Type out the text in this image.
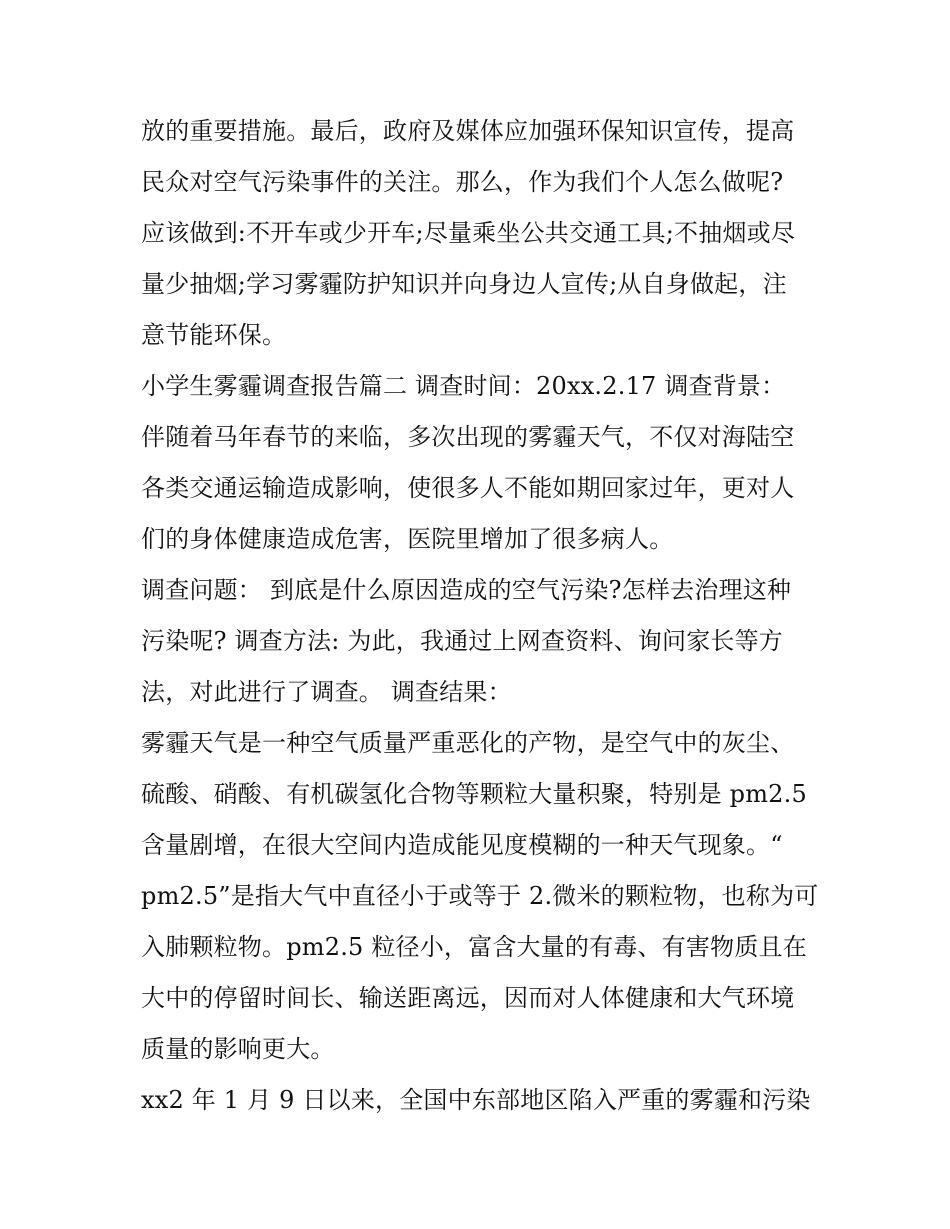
放的重要措施。最后，政府及媒体应加强环保知识宣传，提高
民众对空气污染事件的关注。那么，作为我们个人怎么做呢?
应该做到:不开车或少开车;尽量乘坐公共交通工具;不抽烟或尽
量少抽烟;学习雾霾防护知识并向身边人宣传;从自身做起，注
意节能环保。
小学生雾霾调查报告篇二 调查时间：20xx.2.17 调查背景：
伴随着马年春节的来临，多次出现的雾霾天气，不仅对海陆空
各类交通运输造成影响，使很多人不能如期回家过年，更对人
们的身体健康造成危害，医院里增加了很多病人。
调查问题： 到底是什么原因造成的空气污染?怎样去治理这种
污染呢? 调查方法: 为此，我通过上网查资料、询问家长等方
法，对此进行了调查。 调查结果：
雾霾天气是一种空气质量严重恶化的产物，是空气中的灰尘、
硫酸、硝酸、有机碳氢化合物等颗粒大量积聚，特别是 pm2.5
含量剧增，在很大空间内造成能见度模糊的一种天气现象。“
pm2.5”是指大气中直径小于或等于 2.微米的颗粒物，也称为可
入肺颗粒物。pm2.5 粒径小，富含大量的有毒、有害物质且在
大中的停留时间长、输送距离远，因而对人体健康和大气环境
质量的影响更大。
xx2 年 1 月 9 日以来，全国中东部地区陷入严重的雾霾和污染
